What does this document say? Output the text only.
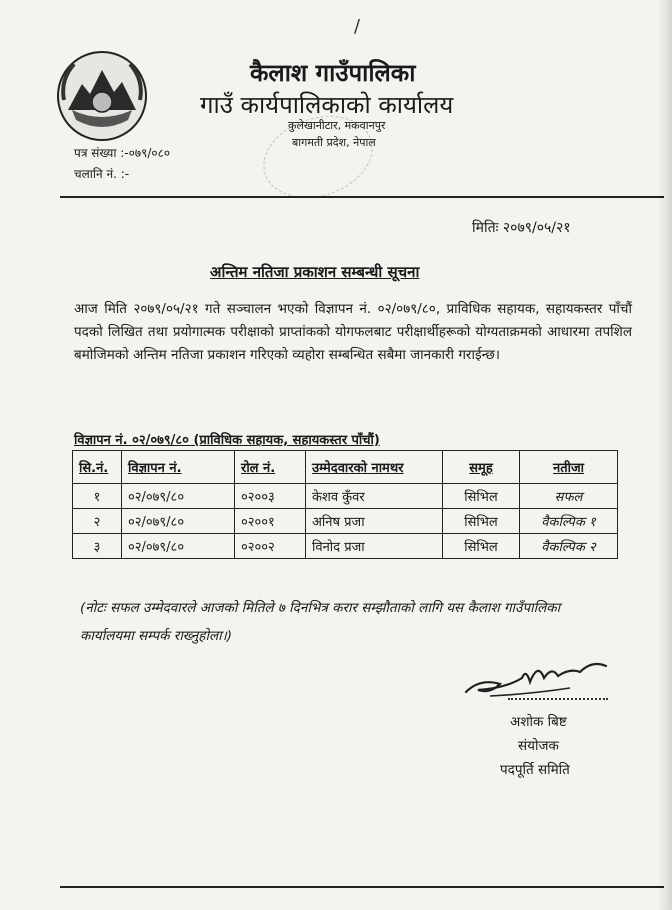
/
कैलाश गाउँपालिका
गाउँ कार्यपालिकाको कार्यालय
कुलेखानीटार, मकवानपुर
बागमती प्रदेश, नेपाल
पत्र संख्या :-०७९/०८०
चलानि नं. :-
मितिः २०७९/०५/२१
अन्तिम नतिजा प्रकाशन सम्बन्धी सूचना
आज मिति २०७९/०५/२१ गते सञ्चालन भएको विज्ञापन नं. ०२/०७९/८०, प्राविधिक सहायक, सहायकस्तर पाँचौं पदको लिखित तथा प्रयोगात्मक परीक्षाको प्राप्तांकको योगफलबाट परीक्षार्थीहरूको योग्यताक्रमको आधारमा तपशिल बमोजिमको अन्तिम नतिजा प्रकाशन गरिएको व्यहोरा सम्बन्धित सबैमा जानकारी गराईन्छ।
विज्ञापन नं. ०२/०७९/८० (प्राविधिक सहायक, सहायकस्तर पाँचौं)
सि.नं.	विज्ञापन नं.	रोल नं.	उम्मेदवारको नामथर	समूह	नतीजा
१	०२/०७९/८०	०२००३	केशव कुँवर	सिभिल	सफल
२	०२/०७९/८०	०२००१	अनिष प्रजा	सिभिल	वैकल्पिक १
३	०२/०७९/८०	०२००२	विनोद प्रजा	सिभिल	वैकल्पिक २
(नोटः सफल उम्मेदवारले आजको मितिले ७ दिनभित्र करार सम्झौताको लागि यस कैलाश गाउँपालिका कार्यालयमा सम्पर्क राख्नुहोला।)
अशोक बिष्ट
संयोजक
पदपूर्ति समिति
